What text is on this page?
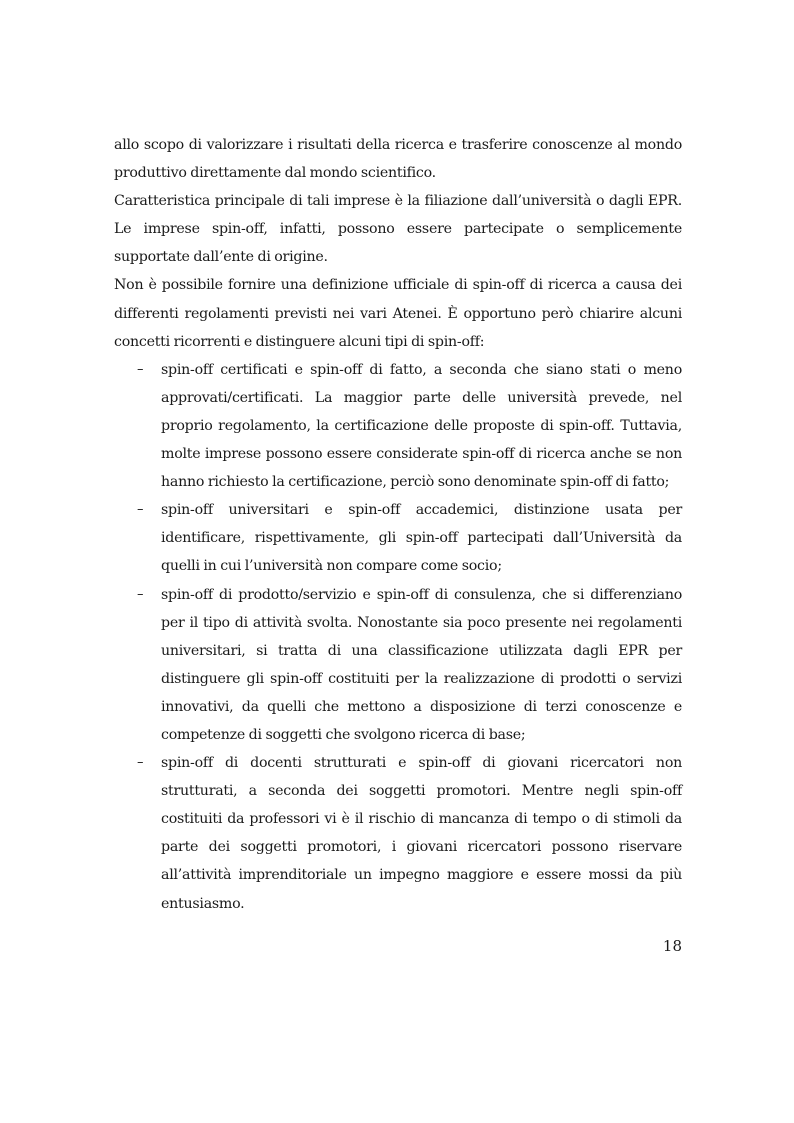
allo scopo di valorizzare i risultati della ricerca e trasferire conoscenze al mondo produttivo direttamente dal mondo scientifico.

Caratteristica principale di tali imprese è la filiazione dall’università o dagli EPR. Le imprese spin-off, infatti, possono essere partecipate o semplicemente supportate dall’ente di origine.

Non è possibile fornire una definizione ufficiale di spin-off di ricerca a causa dei differenti regolamenti previsti nei vari Atenei. È opportuno però chiarire alcuni concetti ricorrenti e distinguere alcuni tipi di spin-off:

– spin-off certificati e spin-off di fatto, a seconda che siano stati o meno approvati/certificati. La maggior parte delle università prevede, nel proprio regolamento, la certificazione delle proposte di spin-off. Tuttavia, molte imprese possono essere considerate spin-off di ricerca anche se non hanno richiesto la certificazione, perciò sono denominate spin-off di fatto;
– spin-off universitari e spin-off accademici, distinzione usata per identificare, rispettivamente, gli spin-off partecipati dall’Università da quelli in cui l’università non compare come socio;
– spin-off di prodotto/servizio e spin-off di consulenza, che si differenziano per il tipo di attività svolta. Nonostante sia poco presente nei regolamenti universitari, si tratta di una classificazione utilizzata dagli EPR per distinguere gli spin-off costituiti per la realizzazione di prodotti o servizi innovativi, da quelli che mettono a disposizione di terzi conoscenze e competenze di soggetti che svolgono ricerca di base;
– spin-off di docenti strutturati e spin-off di giovani ricercatori non strutturati, a seconda dei soggetti promotori. Mentre negli spin-off costituiti da professori vi è il rischio di mancanza di tempo o di stimoli da parte dei soggetti promotori, i giovani ricercatori possono riservare all’attività imprenditoriale un impegno maggiore e essere mossi da più entusiasmo.
18
